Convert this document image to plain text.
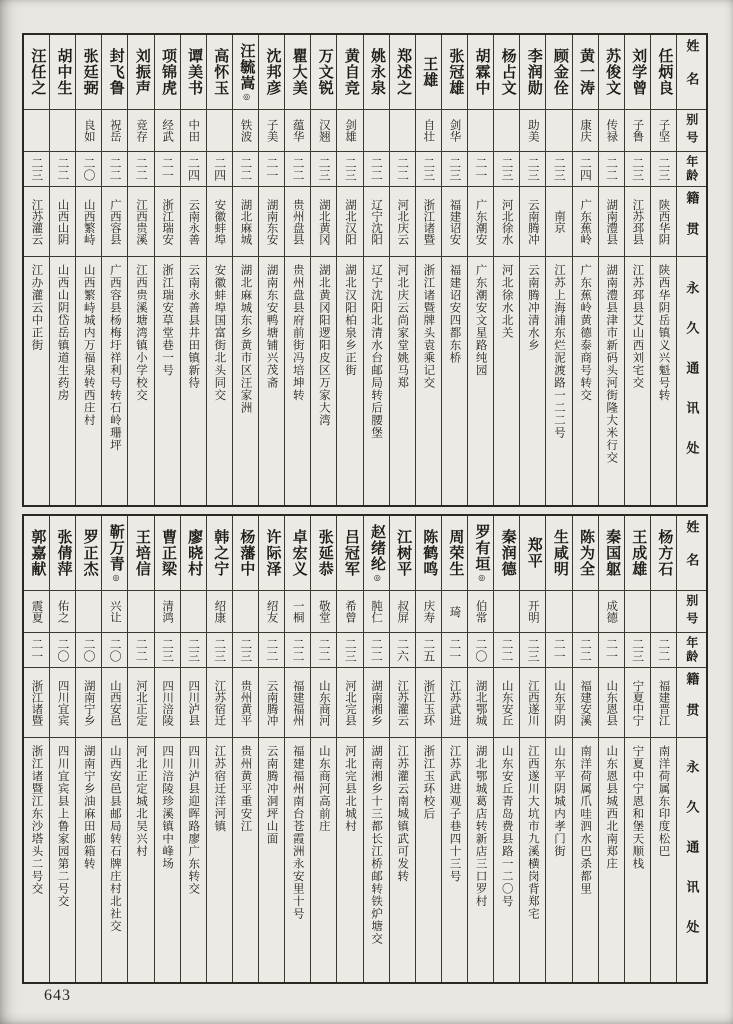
姓名
别号
年龄
籍贯
永久通讯处
任炳良
子坚
二三
陕西华阴
陕西华阴岳镇义兴魁号转
刘学曾
子鲁
二三
江苏邳县
江苏邳县艾山西刘宅交
苏俊文
传禄
二二
湖南澧县
湖南澧县津市新码头河街隆大米行交
黄一涛
康庆
二四
广东蕉岭
广东蕉岭黄德泰商号转交
顾金佺
二三
南京
江苏上海浦东烂泥渡路一二二号
李润勋
助美
二三
云南腾冲
云南腾冲清水乡
杨占文
二三
河北徐水
河北徐水北关
胡霖中
二一
广东潮安
广东潮安文星路纯园
张冠雄
剑华
二三
福建诏安
福建诏安四都东桥
王雄
自壮
二三
浙江诸暨
浙江诸暨牌头袁乘记交
郑述之
二二
河北庆云
河北庆云尚家堂姚马郑
姚永泉
二二
辽宁沈阳
辽宁沈阳北清水台邮局转后腰堡
黄自竞
剑雄
二三
湖北汉阳
湖北汉阳柏泉乡正街
万文锐
汉翘
二三
湖北黄冈
湖北黄冈阳逻阳皮区万家大湾
瞿大美
蕴华
二二
贵州盘县
贵州盘县府前街冯培坤转
沈邦彦
子美
二一
湖南东安
湖南东安鸭塘铺兴茂斋
汪毓嵩
◎
铁波
二二
湖北麻城
湖北麻城东乡黄市区汪家洲
高怀玉
二四
安徽蚌埠
安徽蚌埠国富街北头同交
谭美书
中田
二四
云南永善
云南永善县井田镇新待
项锦虎
经武
二一
浙江瑞安
浙江瑞安草堂巷一号
刘振声
竞存
二二
江西贵溪
江西贵溪塘湾镇小学校交
封飞鲁
祝岳
二二
广西容县
广西容县杨梅圩祥利号转石岭珊坪
张廷弼
良如
二〇
山西繁峙
山西繁峙城内万福泉转西庄村
胡中生
二二
山西山阴
山西山阴岱岳镇道生药房
汪任之
二三
江苏灌云
江办灌云中正街
姓名
别号
年龄
籍贯
永久通讯处
杨方石
二二
福建晋江
南洋荷属东印度松巴
王成雄
二三
宁夏中宁
宁夏中宁恩和堡天顺栈
秦国躯
成德
二一
山东恩县
山东恩县城西北南郑庄
陈为全
二二
福建安溪
南洋荷属爪哇泗水巴杀都里
生咸明
二一
山东平阴
山东平阴城内孝门街
郑平
开明
二三
江西遂川
江西遂川大坑市九溪横岗背郑宅
秦润德
二二
山东安丘
山东安丘青岛费县路一二〇号
罗有垣
◎
伯常
二〇
湖北鄂城
湖北鄂城葛店转新店三口罗村
周荣生
琦
二一
江苏武进
江苏武进观子巷四十三号
陈鹤鸣
庆寿
二五
浙江玉环
浙江玉环校后
江树平
叔屏
二六
江苏灌云
江苏灌云南城镇武可发转
赵绪纶
◎
肫仁
二二
湖南湘乡
湖南湘乡十三都长江桥邮转铁炉塘交
吕冠军
希曾
二三
河北完县
河北完县北城村
张延恭
敬堂
二二
山东商河
山东商河高前庄
卓宏义
一桐
二二
福建福州
福建福州南台苍霞洲永安里十号
许际泽
绍友
二二
云南腾冲
云南腾冲洞坪山面
杨藩中
二三
贵州黄平
贵州黄平重安江
韩之宁
绍康
二三
江苏宿迁
江苏宿迁洋河镇
廖晓村
二三
四川泸县
四川泸县迎晖路廖广东转交
曹正梁
清鸿
二三
四川涪陵
四川涪陵珍溪镇中峰场
王培信
二二
河北正定
河北正定城北吴兴村
靳万青
◎
兴让
二〇
山西安邑
山西安邑县邮局转石牌庄村北社交
罗正杰
二〇
湖南宁乡
湖南宁乡油麻田邮箱转
张倩萍
佑之
二〇
四川宜宾
四川宜宾县上鲁家园第二号交
郭嘉献
震夏
二一
浙江诸暨
浙江诸暨江东沙塔头二号交
643
